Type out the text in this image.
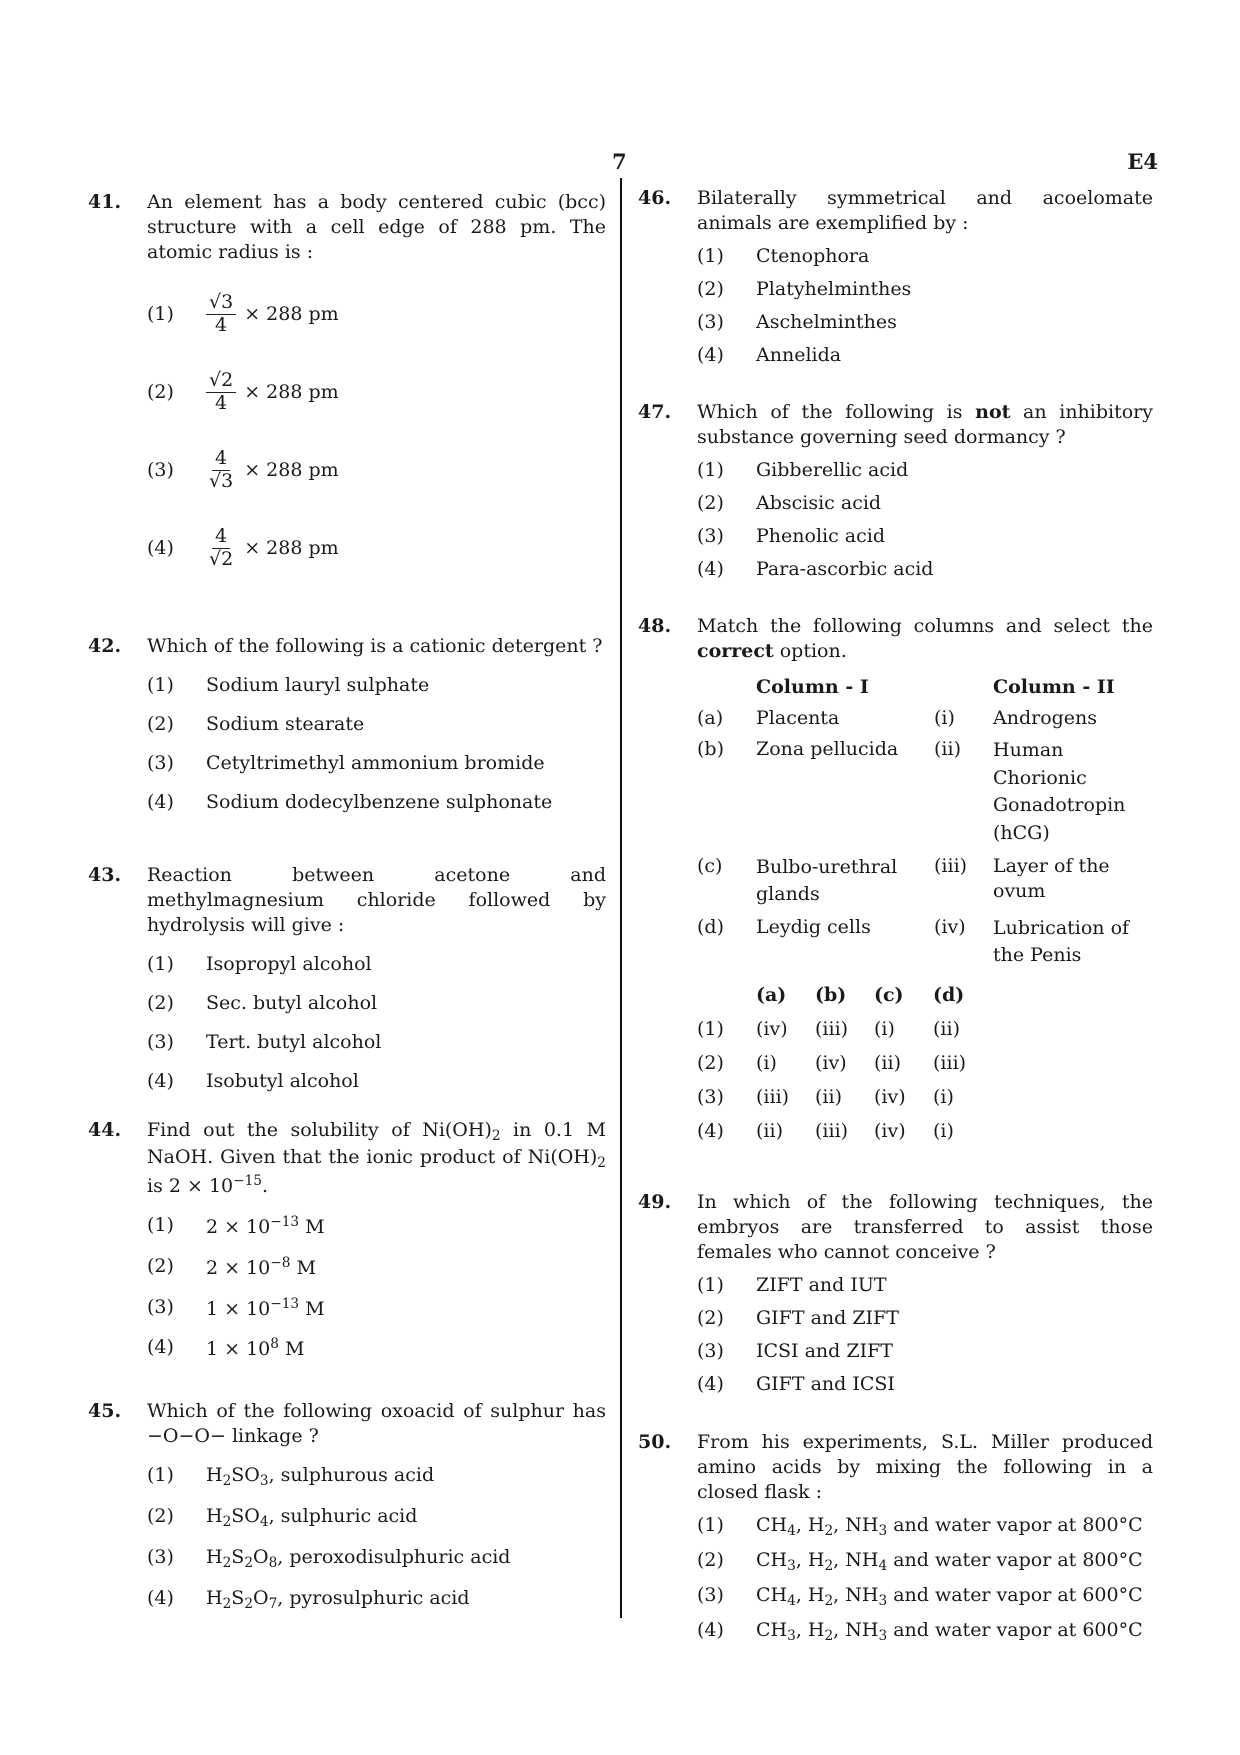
7	E4
41. An element has a body centered cubic (bcc) structure with a cell edge of 288 pm. The atomic radius is :
$(1) \frac{√3}{4} \times 288$ pm
$(2) \frac{√2}{4} \times 288$ pm
$(3) \frac{4}{√3} \times 288$ pm
$(4) \frac{4}{√2} \times 288$ pm
42. Which of the following is a cationic detergent ?
(1) Sodium lauryl sulphate
(2) Sodium stearate
(3) Cetyltrimethyl ammonium bromide
(4) Sodium dodecylbenzene sulphonate
43. Reaction between acetone and methylmagnesium chloride followed by hydrolysis will give :
(1) Isopropyl alcohol
(2) Sec. butyl alcohol
(3) Tert. butyl alcohol
(4) Isobutyl alcohol
44. Find out the solubility of $Ni(OH)_2$ in 0.1 M NaOH. Given that the ionic product of $Ni(OH)_2$ is $2 \times 10^{-15}$.
(1) $2 \times 10^{-13}$ M
(2) $2 \times 10^{-8}$ M
(3) $1 \times 10^{-13}$ M
(4) $1 \times 10^8$ M
45. Which of the following oxoacid of sulphur has −O−O− linkage ?
(1) $H_2SO_3$, sulphurous acid
(2) $H_2SO_4$, sulphuric acid
(3) $H_2S_2O_8$, peroxodisulphuric acid
(4) $H_2S_2O_7$, pyrosulphuric acid
46. Bilaterally symmetrical and acoelomate animals are exemplified by :
(1) Ctenophora
(2) Platyhelminthes
(3) Aschelminthes
(4) Annelida
47. Which of the following is not an inhibitory substance governing seed dormancy ?
(1) Gibberellic acid
(2) Abscisic acid
(3) Phenolic acid
(4) Para-ascorbic acid
48. Match the following columns and select the correct option.
	Column - I		Column - II
(a)	Placenta	(i)	Androgens
(b)	Zona pellucida	(ii)	Human Chorionic Gonadotropin (hCG)
(c)	Bulbo-urethral glands	(iii)	Layer of the ovum
(d)	Leydig cells	(iv)	Lubrication of the Penis
	(a)	(b)	(c)	(d)
(1)	(iv)	(iii)	(i)	(ii)
(2)	(i)	(iv)	(ii)	(iii)
(3)	(iii)	(ii)	(iv)	(i)
(4)	(ii)	(iii)	(iv)	(i)
49. In which of the following techniques, the embryos are transferred to assist those females who cannot conceive ?
(1) ZIFT and IUT
(2) GIFT and ZIFT
(3) ICSI and ZIFT
(4) GIFT and ICSI
50. From his experiments, S.L. Miller produced amino acids by mixing the following in a closed flask :
(1) $CH_4$, $H_2$, $NH_3$ and water vapor at 800°C
(2) $CH_3$, $H_2$, $NH_4$ and water vapor at 800°C
(3) $CH_4$, $H_2$, $NH_3$ and water vapor at 600°C
(4) $CH_3$, $H_2$, $NH_3$ and water vapor at 600°C
